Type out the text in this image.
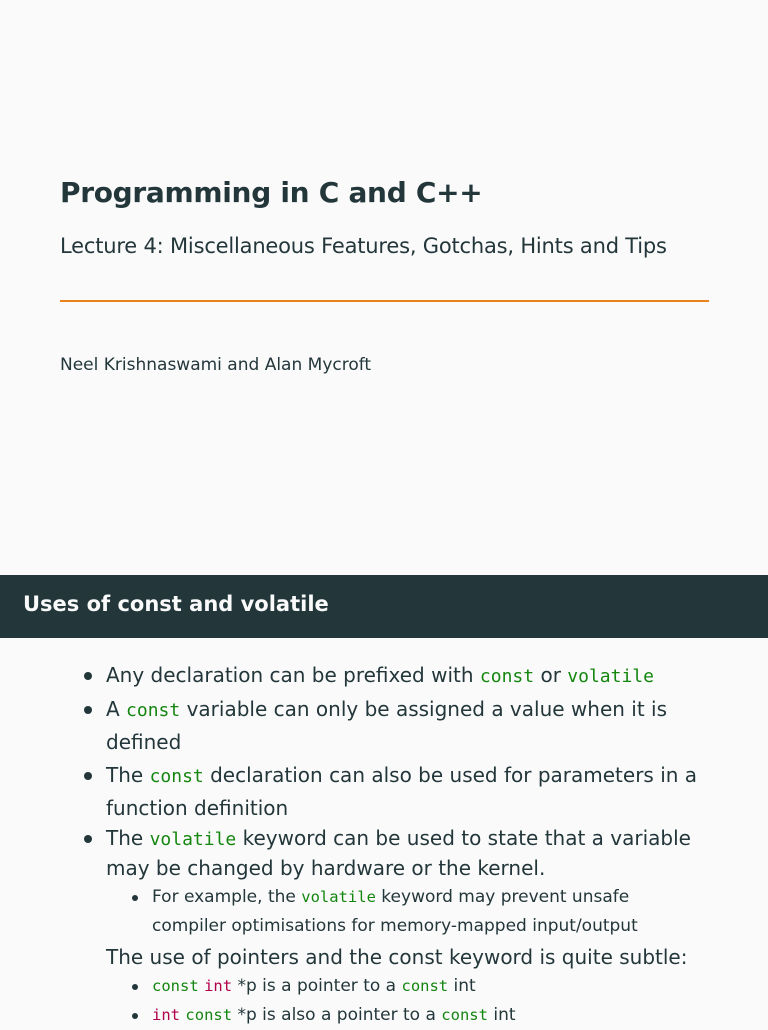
Programming in C and C++
Lecture 4: Miscellaneous Features, Gotchas, Hints and Tips
Neel Krishnaswami and Alan Mycroft
Uses of const and volatile
Any declaration can be prefixed with const or volatile
A const variable can only be assigned a value when it is
defined
The const declaration can also be used for parameters in a
function definition
The volatile keyword can be used to state that a variable
may be changed by hardware or the kernel.
For example, the volatile keyword may prevent unsafe
compiler optimisations for memory-mapped input/output
The use of pointers and the const keyword is quite subtle:
const int *p is a pointer to a const int
int const *p is also a pointer to a const int
